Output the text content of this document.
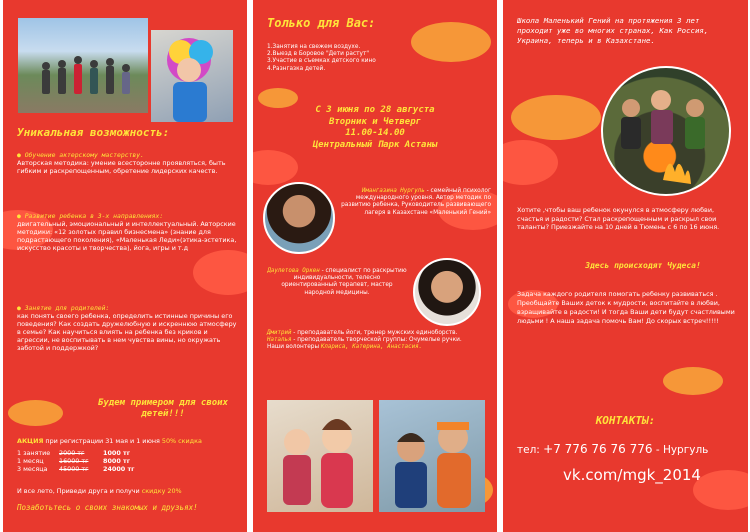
Уникальная возможность:
● Обучение актерскому мастерству.
Авторская методика: умение всесторонне проявляться, быть гибким и раскрепощенным, обретение лидерских качеств.
● Развитие ребенка в 3-х направлениях:
двигательный, эмоциональный и интеллектуальный. Авторские методики: «12 золотых правил бизнесмена» (знание для подрастающего поколения), «Маленькая Леди»(этика-эстетика, искусство красоты и творчества), йога, игры и т.д
● Занятие для родителей:
как понять своего ребенка, определить истинные причины его поведения? Как создать дружелюбную и искреннюю атмосферу в семье? Как научиться влиять на ребенка без криков и агрессии, не воспитывать в нем чувства вины, но окружать заботой и поддержкой?
Будем примером для своих детей!!!
АКЦИЯ при регистрации 31 мая и 1 июня 50% скидка
1 занятие	2000 тг	1000 тг
1 месяц	16000 тг	8000 тг
3 месяца	45000 тг	24000 тг
И все лето, Приведи друга и получи скидку 20%
Позаботьтесь о своих знакомых и друзьях!
Только для Вас:
1.Занятия на свежем воздухе.
2.Выезд в Боровое "Дети растут"
3.Участие в съемках детского кино
4.Разнгазка детей.
С 3 июня по 28 августа
Вторник и Четверг
11.00-14.00
Центральный Парк Астаны
Имангазина Нургуль - семейный психолог международного уровня. Автор методик по развитию ребенка, Руководитель развивающего лагеря в Казахстане «Маленький Гений»
Даулетова Оркен - специалист по раскрытию индивидуальности, телесно ориентированный терапевт, мастер народной медицины.
Дмитрий - преподаватель йоги, тренер мужских единоборств.
Наталья - преподаватель творческой группы: Очумелые ручки.
Наши волонтеры Клариса, Катерина, Анастасия.
Школа Маленький Гений на протяжения 3 лет проходит уже во многих странах, Как Россия, Украина, теперь и в Казахстане.
Хотите ,чтобы ваш ребенок окунулся в атмосферу любви, счастья и радости? Стал раскрепощенным и раскрыл свои таланты? Приезжайте на 10 дней в Тюмень с 6 по 16 июня.
Здесь происходят Чудеса!
Задача каждого родителя помогать ребенку развиваться . Преобщайте Ваших деток к мудрости, воспитайте в любви, взращивайте в радости! И тогда Ваши дети будут счастливыми людьми ! А наша задача помочь Вам! До скорых встреч!!!!!
КОНТАКТЫ:
тел: +7 776 76 76 776 - Нургуль
vk.com/mgk_2014
